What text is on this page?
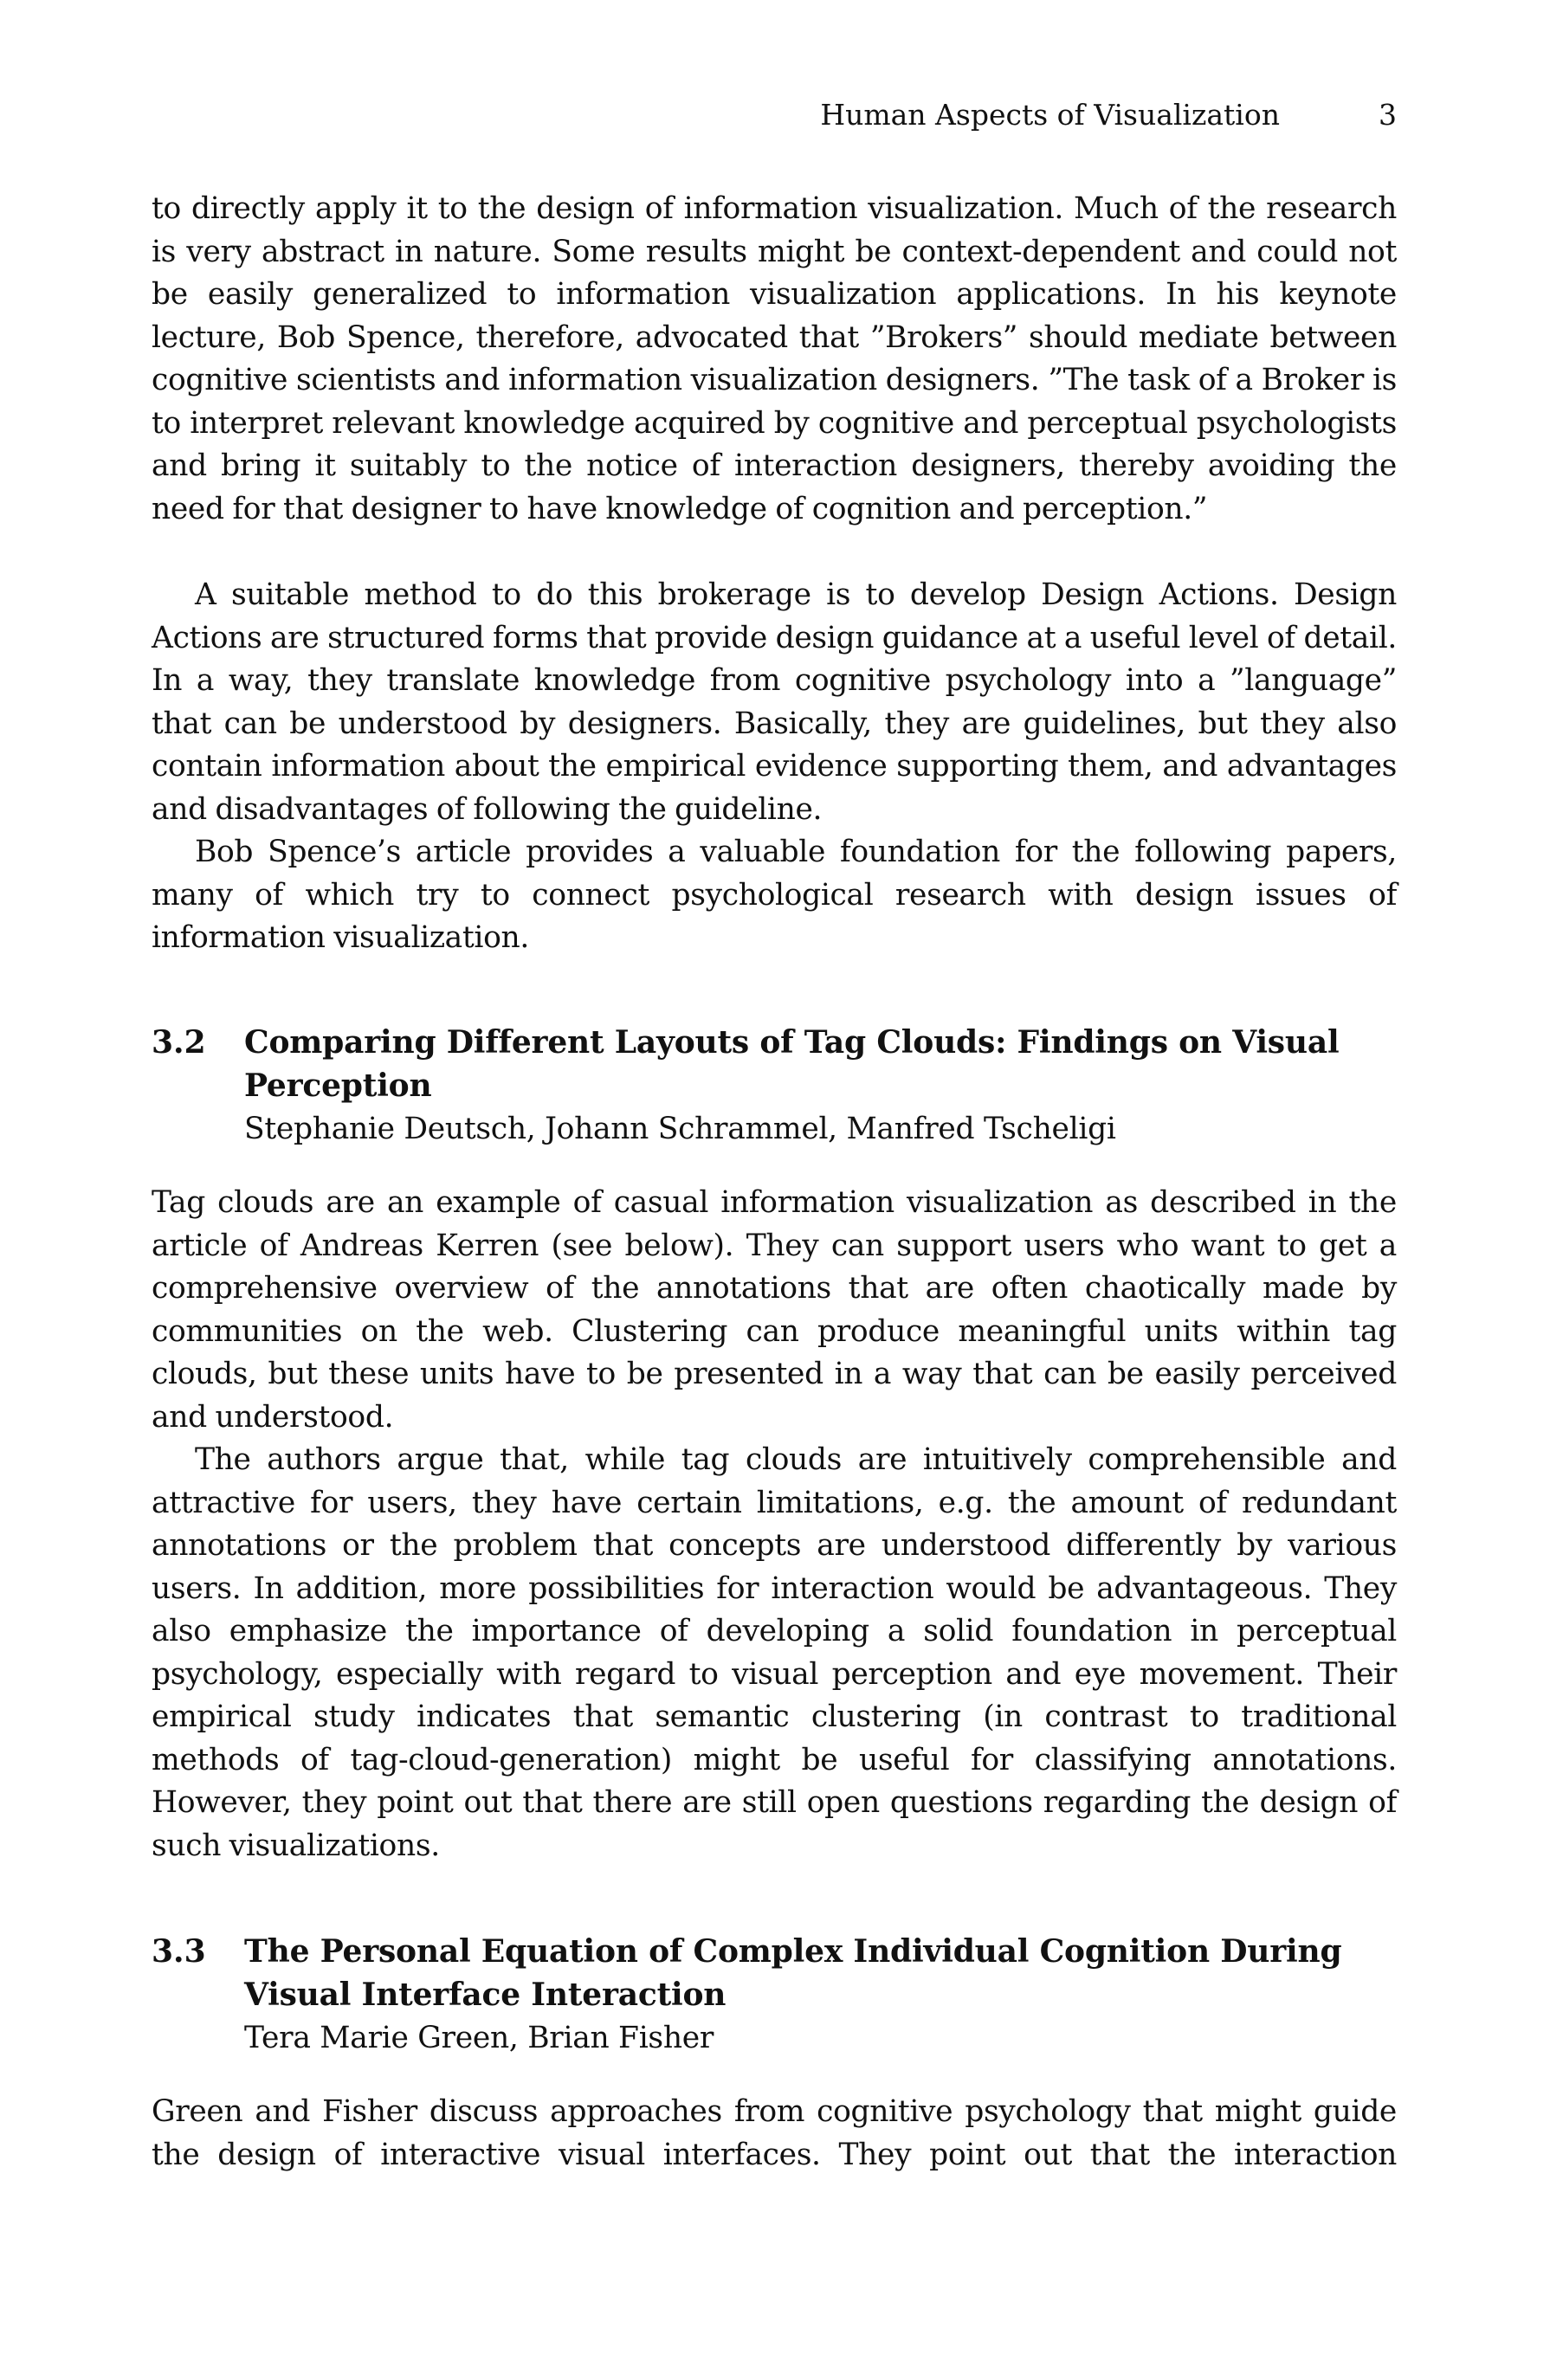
Human Aspects of Visualization	3

to directly apply it to the design of information visualization. Much of the research is very abstract in nature. Some results might be context-dependent and could not be easily generalized to information visualization applications. In his keynote lecture, Bob Spence, therefore, advocated that ”Brokers” should mediate between cognitive scientists and information visualization designers. ”The task of a Broker is to interpret relevant knowledge acquired by cognitive and perceptual psychologists and bring it suitably to the notice of interaction designers, thereby avoiding the need for that designer to have knowledge of cognition and perception.”

A suitable method to do this brokerage is to develop Design Actions. Design Actions are structured forms that provide design guidance at a useful level of detail. In a way, they translate knowledge from cognitive psychology into a ”language” that can be understood by designers. Basically, they are guidelines, but they also contain information about the empirical evidence supporting them, and advantages and disadvantages of following the guideline.

Bob Spence’s article provides a valuable foundation for the following papers, many of which try to connect psychological research with design issues of information visualization.

3.2 Comparing Different Layouts of Tag Clouds: Findings on Visual Perception
Stephanie Deutsch, Johann Schrammel, Manfred Tscheligi

Tag clouds are an example of casual information visualization as described in the article of Andreas Kerren (see below). They can support users who want to get a comprehensive overview of the annotations that are often chaotically made by communities on the web. Clustering can produce meaningful units within tag clouds, but these units have to be presented in a way that can be easily perceived and understood.

The authors argue that, while tag clouds are intuitively comprehensible and attractive for users, they have certain limitations, e.g. the amount of redundant annotations or the problem that concepts are understood differently by various users. In addition, more possibilities for interaction would be advantageous. They also emphasize the importance of developing a solid foundation in perceptual psychology, especially with regard to visual perception and eye movement. Their empirical study indicates that semantic clustering (in contrast to traditional methods of tag-cloud-generation) might be useful for classifying annotations. However, they point out that there are still open questions regarding the design of such visualizations.

3.3 The Personal Equation of Complex Individual Cognition During Visual Interface Interaction
Tera Marie Green, Brian Fisher

Green and Fisher discuss approaches from cognitive psychology that might guide the design of interactive visual interfaces. They point out that the interaction
